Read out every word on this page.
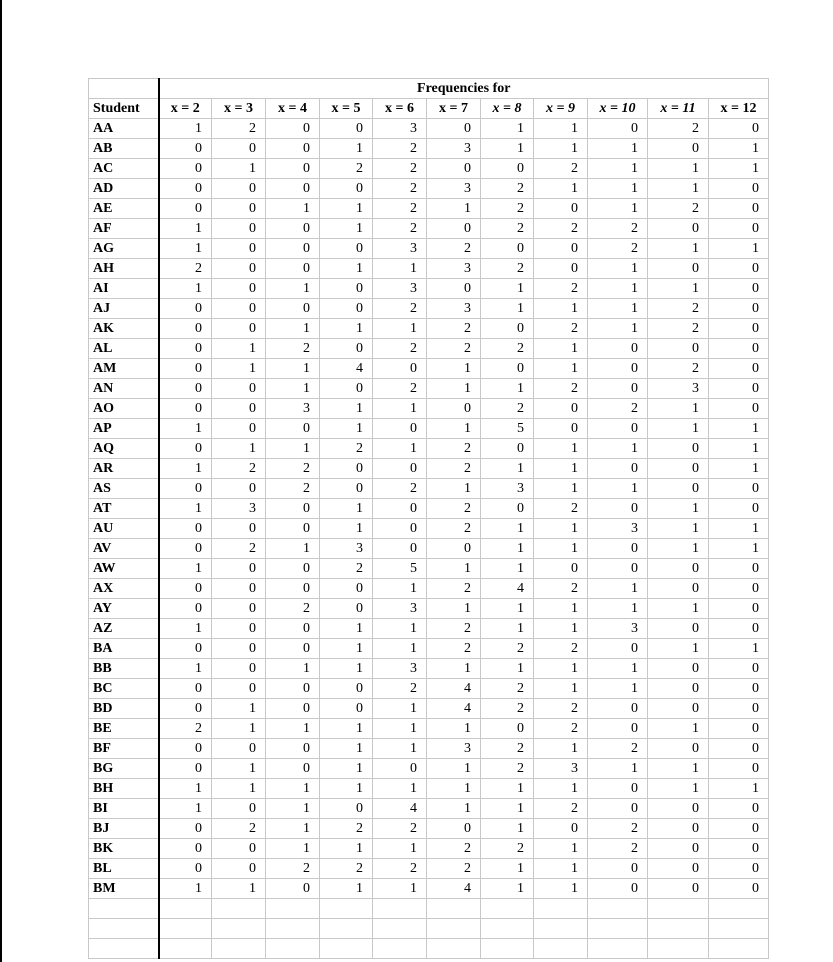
	Frequencies for										
Student	x = 2	x = 3	x = 4	x = 5	x = 6	x = 7	x = 8	x = 9	x = 10	x = 11	x = 12
AA	1	2	0	0	3	0	1	1	0	2	0
AB	0	0	0	1	2	3	1	1	1	0	1
AC	0	1	0	2	2	0	0	2	1	1	1
AD	0	0	0	0	2	3	2	1	1	1	0
AE	0	0	1	1	2	1	2	0	1	2	0
AF	1	0	0	1	2	0	2	2	2	0	0
AG	1	0	0	0	3	2	0	0	2	1	1
AH	2	0	0	1	1	3	2	0	1	0	0
AI	1	0	1	0	3	0	1	2	1	1	0
AJ	0	0	0	0	2	3	1	1	1	2	0
AK	0	0	1	1	1	2	0	2	1	2	0
AL	0	1	2	0	2	2	2	1	0	0	0
AM	0	1	1	4	0	1	0	1	0	2	0
AN	0	0	1	0	2	1	1	2	0	3	0
AO	0	0	3	1	1	0	2	0	2	1	0
AP	1	0	0	1	0	1	5	0	0	1	1
AQ	0	1	1	2	1	2	0	1	1	0	1
AR	1	2	2	0	0	2	1	1	0	0	1
AS	0	0	2	0	2	1	3	1	1	0	0
AT	1	3	0	1	0	2	0	2	0	1	0
AU	0	0	0	1	0	2	1	1	3	1	1
AV	0	2	1	3	0	0	1	1	0	1	1
AW	1	0	0	2	5	1	1	0	0	0	0
AX	0	0	0	0	1	2	4	2	1	0	0
AY	0	0	2	0	3	1	1	1	1	1	0
AZ	1	0	0	1	1	2	1	1	3	0	0
BA	0	0	0	1	1	2	2	2	0	1	1
BB	1	0	1	1	3	1	1	1	1	0	0
BC	0	0	0	0	2	4	2	1	1	0	0
BD	0	1	0	0	1	4	2	2	0	0	0
BE	2	1	1	1	1	1	0	2	0	1	0
BF	0	0	0	1	1	3	2	1	2	0	0
BG	0	1	0	1	0	1	2	3	1	1	0
BH	1	1	1	1	1	1	1	1	0	1	1
BI	1	0	1	0	4	1	1	2	0	0	0
BJ	0	2	1	2	2	0	1	0	2	0	0
BK	0	0	1	1	1	2	2	1	2	0	0
BL	0	0	2	2	2	2	1	1	0	0	0
BM	1	1	0	1	1	4	1	1	0	0	0
